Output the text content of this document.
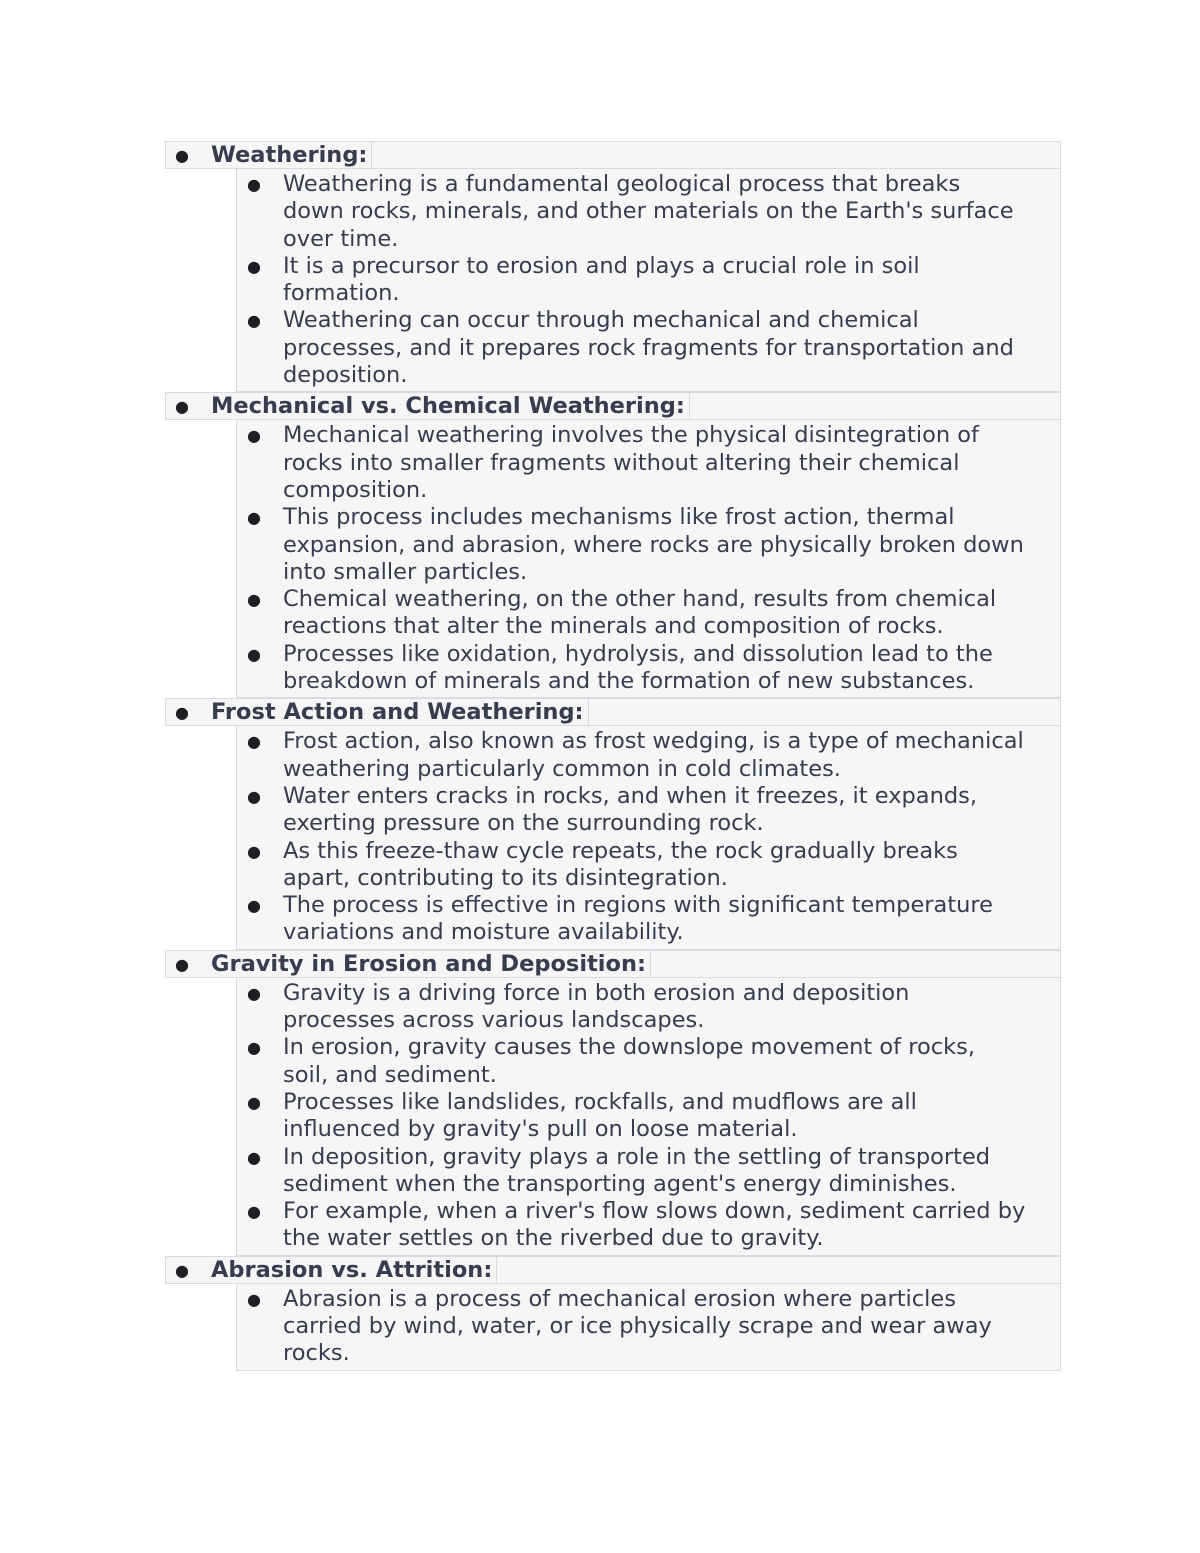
● Weathering:
● Weathering is a fundamental geological process that breaks
down rocks, minerals, and other materials on the Earth's surface
over time.
● It is a precursor to erosion and plays a crucial role in soil
formation.
● Weathering can occur through mechanical and chemical
processes, and it prepares rock fragments for transportation and
deposition.
● Mechanical vs. Chemical Weathering:
● Mechanical weathering involves the physical disintegration of
rocks into smaller fragments without altering their chemical
composition.
● This process includes mechanisms like frost action, thermal
expansion, and abrasion, where rocks are physically broken down
into smaller particles.
● Chemical weathering, on the other hand, results from chemical
reactions that alter the minerals and composition of rocks.
● Processes like oxidation, hydrolysis, and dissolution lead to the
breakdown of minerals and the formation of new substances.
● Frost Action and Weathering:
● Frost action, also known as frost wedging, is a type of mechanical
weathering particularly common in cold climates.
● Water enters cracks in rocks, and when it freezes, it expands,
exerting pressure on the surrounding rock.
● As this freeze-thaw cycle repeats, the rock gradually breaks
apart, contributing to its disintegration.
● The process is effective in regions with significant temperature
variations and moisture availability.
● Gravity in Erosion and Deposition:
● Gravity is a driving force in both erosion and deposition
processes across various landscapes.
● In erosion, gravity causes the downslope movement of rocks,
soil, and sediment.
● Processes like landslides, rockfalls, and mudflows are all
influenced by gravity's pull on loose material.
● In deposition, gravity plays a role in the settling of transported
sediment when the transporting agent's energy diminishes.
● For example, when a river's flow slows down, sediment carried by
the water settles on the riverbed due to gravity.
● Abrasion vs. Attrition:
● Abrasion is a process of mechanical erosion where particles
carried by wind, water, or ice physically scrape and wear away
rocks.
